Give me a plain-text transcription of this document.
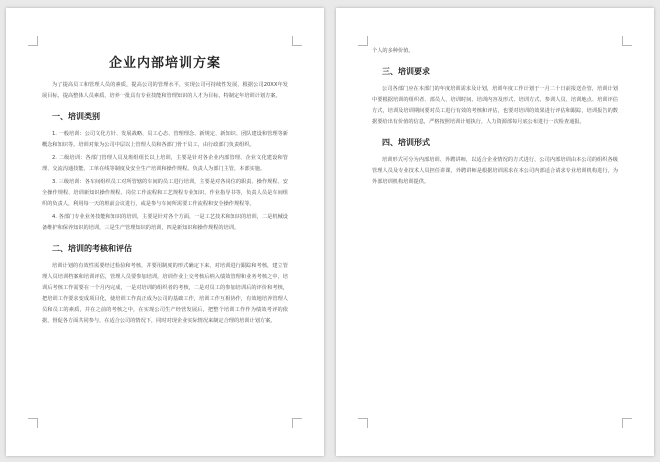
企业内部培训方案

为了提高员工和管理人员的素质，提高公司的管理水平，实现公司可持续性发展，根据公司20XX年发展目标，提高整体人员素质，培养一批具有专业技能和管理知识的人才为目标，特制定年培训计划方案。

一、培训类别

1. 一般培训：公司文化方针、发展战略、员工心态、管理理念、新规定、新知识、团队建设和管理等新概念和知识等。培训对象为公司中层以上管理人员和各部门骨干员工，由行政部门负责组织。

2. 二级培训：各部门管理人员及班组组长以上培训，主要是针对各企业内部管理、企业文化建设和管理、交流沟通技能、工单在线等制度及安全生产培训和操作规程。负责人为部门主管，本部实施。

3. 三级培训：各车间组织员工对所管辖的车间的员工进行培训，主要是对各岗位的职责、操作规程、安全操作规程、培训新知识操作规程、岗位工作流程和工艺规程专业知识、作业指导书等，负责人员是车间组织的负责人，利用每一天的班前会议进行，或是参与车间所需要工作流程和安全操作规程等。

4. 各部门专业业务技能和知识的培训，主要是针对各个方面，一是工艺技术和知识的培训，二是机械设备维护和保养知识的培训，三是生产管理知识的培训，四是新知识和操作规程的培训。

二、培训的考核和评估

培训计划的有效性需要经过检验和考核，并要用制度的形式确定下来，对培训进行跟踪和考核，建立管理人员培训档案和培训评估，管理人员要参加培训，培训作业上交考核后纳入绩效管理和业务考核之中，培训后考核工作需要在一个月内完成，一是对培训的组织者的考核，二是对员工的参加培训后的评价和考核，把培训工作要求变成项目化，使培训工作真正成为公司的基础工作，培训工作互相协作，有效地培养管理人员和员工的素质，并在之前的考核之中，在实现公司生产经营发展后，把整个培训工作作为绩效考评的依据，督促各方面共同参与，在适合公司的情况下，同时对现企业实际情况来制定合理的培训计划方案。

个人的多种价值。

三、培训要求

公司各部门应在本部门的年度培训需求及计划，培训年度工作计划于一月二十日前报送企管，培训计划中要根据培训的组织者、部员人、培训时间、培训内容及形式、培训方式、参训人员、培训地点、培训评估方式，培训及培训期间要对员工进行有效的考核和评估，也要对培训的效果进行评估和跟踪，培训报告的数据要给出有价值的信息，严格按照培训计划执行，人力资源部每月底公布进行一次检查通报。

四、培训形式

培训形式可分为内部培训、外聘讲师，以适合企业情况的方式进行，公司内部培训由本公司的组织各级管理人员及专业技术人员担任讲课，外聘讲师是根据培训需求在本公司内部适合请求专业培训机构进行，为外部培训机构培训提供。
